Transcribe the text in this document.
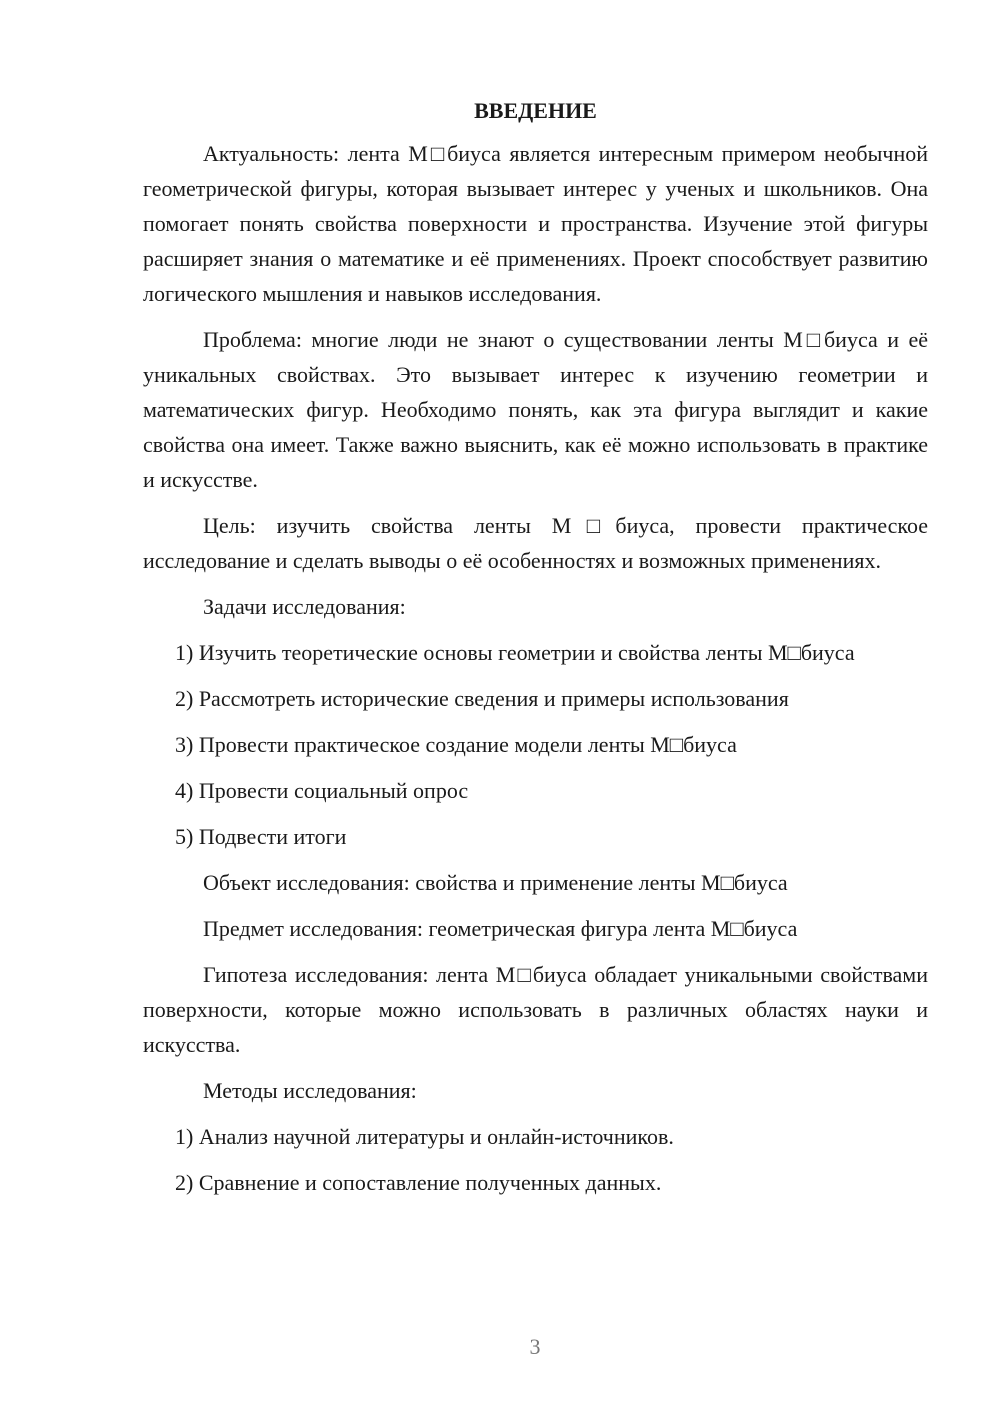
ВВЕДЕНИЕ

Актуальность: лента М□биуса является интересным примером необычной геометрической фигуры, которая вызывает интерес у ученых и школьников. Она помогает понять свойства поверхности и пространства. Изучение этой фигуры расширяет знания о математике и её применениях. Проект способствует развитию логического мышления и навыков исследования.

Проблема: многие люди не знают о существовании ленты М□биуса и её уникальных свойствах. Это вызывает интерес к изучению геометрии и математических фигур. Необходимо понять, как эта фигура выглядит и какие свойства она имеет. Также важно выяснить, как её можно использовать в практике и искусстве.

Цель: изучить свойства ленты М□биуса, провести практическое исследование и сделать выводы о её особенностях и возможных применениях.

Задачи исследования:

1) Изучить теоретические основы геометрии и свойства ленты М□биуса

2) Рассмотреть исторические сведения и примеры использования

3) Провести практическое создание модели ленты М□биуса

4) Провести социальный опрос

5) Подвести итоги

Объект исследования: свойства и применение ленты М□биуса

Предмет исследования: геометрическая фигура лента М□биуса

Гипотеза исследования: лента М□биуса обладает уникальными свойствами поверхности, которые можно использовать в различных областях науки и искусства.

Методы исследования:

1) Анализ научной литературы и онлайн-источников.

2) Сравнение и сопоставление полученных данных.

3
